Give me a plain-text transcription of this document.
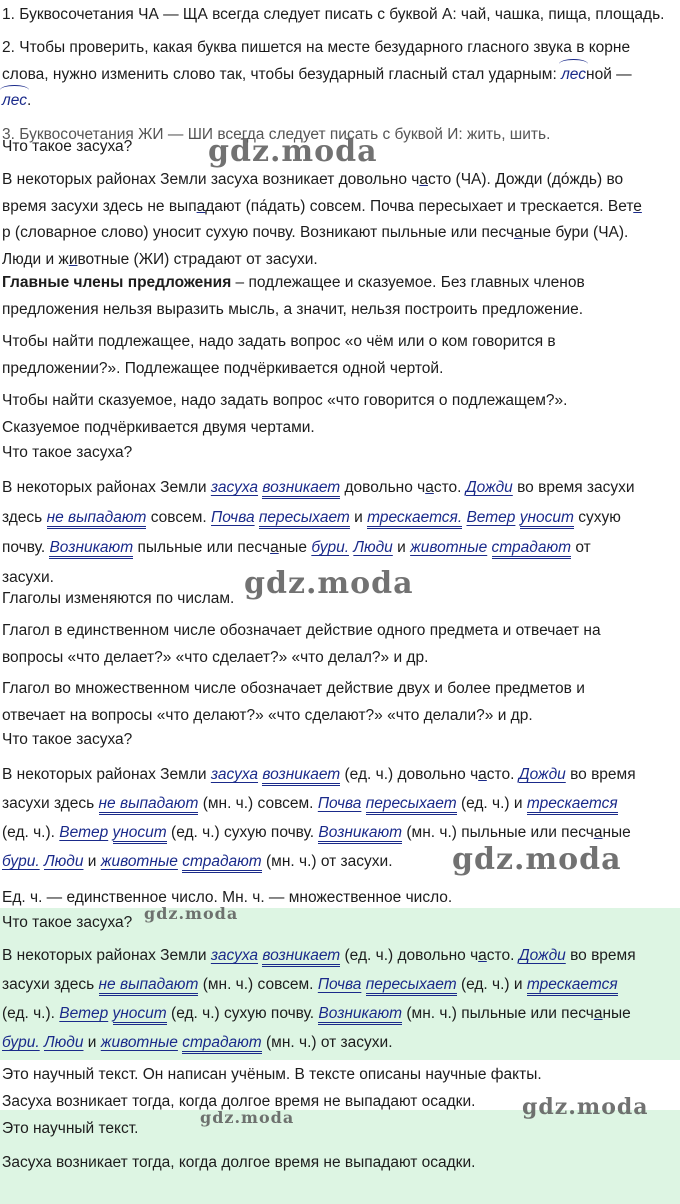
1. Буквосочетания ЧА — ЩА всегда следует писать с буквой А: чай, чашка, пища, площадь.
2. Чтобы проверить, какая буква пишется на месте безударного гласного звука в корне
слова, нужно изменить слово так, чтобы безударный гласный стал ударным: лесной —
лес.
3. Буквосочетания ЖИ — ШИ всегда следует писать с буквой И: жить, шить.
Что такое засуха?
В некоторых районах Земли засуха возникает довольно часто (ЧА). Дожди (до́ждь) во
время засухи здесь не выпадают (па́дать) совсем. Почва пересыхает и трескается. Вете
р (словарное слово) уносит сухую почву. Возникают пыльные или песчаные бури (ЧА).
Люди и животные (ЖИ) страдают от засухи.
Главные члены предложения – подлежащее и сказуемое. Без главных членов
предложения нельзя выразить мысль, а значит, нельзя построить предложение.
Чтобы найти подлежащее, надо задать вопрос «о чём или о ком говорится в
предложении?». Подлежащее подчёркивается одной чертой.
Чтобы найти сказуемое, надо задать вопрос «что говорится о подлежащем?».
Сказуемое подчёркивается двумя чертами.
Что такое засуха?
В некоторых районах Земли засуха возникает довольно часто. Дожди во время засухи
здесь не выпадают совсем. Почва пересыхает и трескается. Ветер уносит сухую
почву. Возникают пыльные или песчаные бури. Люди и животные страдают от
засухи.
Глаголы изменяются по числам.
Глагол в единственном числе обозначает действие одного предмета и отвечает на
вопросы «что делает?» «что сделает?» «что делал?» и др.
Глагол во множественном числе обозначает действие двух и более предметов и
отвечает на вопросы «что делают?» «что сделают?» «что делали?» и др.
Что такое засуха?
В некоторых районах Земли засуха возникает (ед. ч.) довольно часто. Дожди во время
засухи здесь не выпадают (мн. ч.) совсем. Почва пересыхает (ед. ч.) и трескается
(ед. ч.). Ветер уносит (ед. ч.) сухую почву. Возникают (мн. ч.) пыльные или песчаные
бури. Люди и животные страдают (мн. ч.) от засухи.
Ед. ч. — единственное число. Мн. ч. — множественное число.
Что такое засуха?
В некоторых районах Земли засуха возникает (ед. ч.) довольно часто. Дожди во время
засухи здесь не выпадают (мн. ч.) совсем. Почва пересыхает (ед. ч.) и трескается
(ед. ч.). Ветер уносит (ед. ч.) сухую почву. Возникают (мн. ч.) пыльные или песчаные
бури. Люди и животные страдают (мн. ч.) от засухи.
Это научный текст. Он написан учёным. В тексте описаны научные факты.
Засуха возникает тогда, когда долгое время не выпадают осадки.
Это научный текст.
Засуха возникает тогда, когда долгое время не выпадают осадки.
gdz.moda
gdz.moda
gdz.moda
gdz.moda
gdz.moda
gdz.moda
